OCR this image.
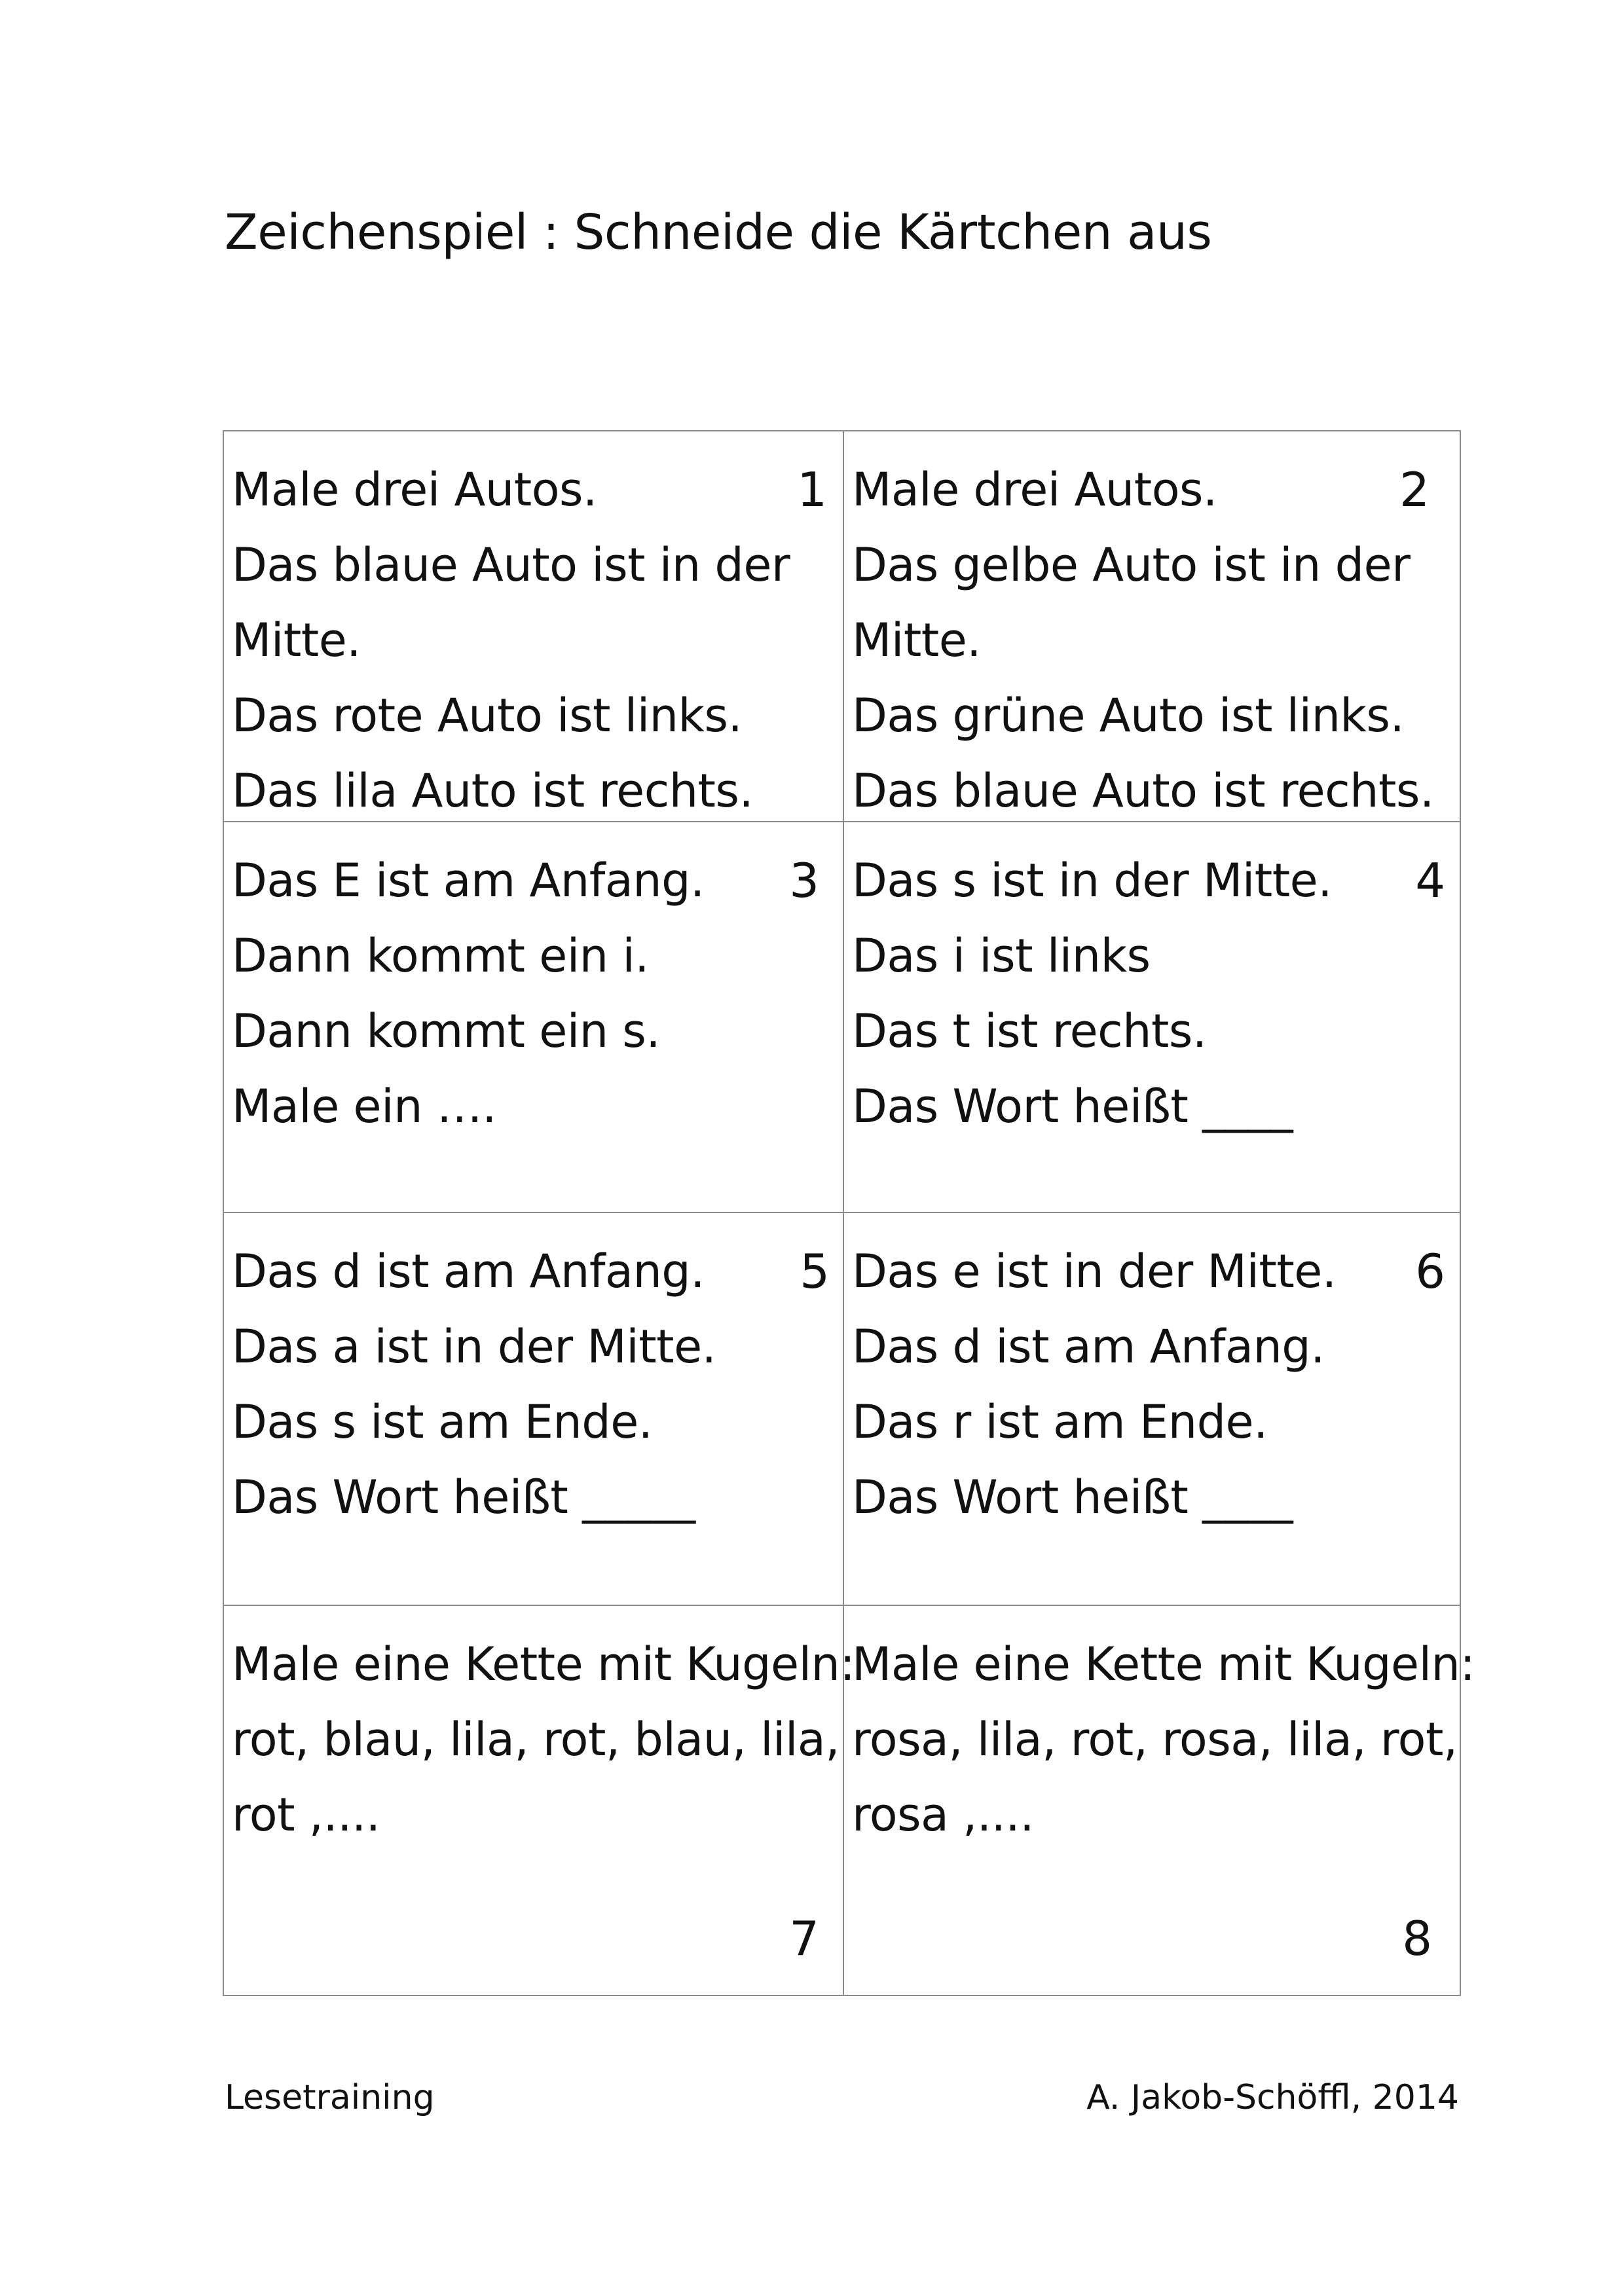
Zeichenspiel : Schneide die Kärtchen aus
Male drei Autos.
Das blaue Auto ist in der
Mitte.
Das rote Auto ist links.
Das lila Auto ist rechts.
1 Male drei Autos.
Das gelbe Auto ist in der
Mitte.
Das grüne Auto ist links.
Das blaue Auto ist rechts.
2
Das E ist am Anfang.
Dann kommt ein i.
Dann kommt ein s.
Male ein ….
3 Das s ist in der Mitte.
Das i ist links
Das t ist rechts.
Das Wort heißt ____
4
Das d ist am Anfang.
Das a ist in der Mitte.
Das s ist am Ende.
Das Wort heißt _____
5 Das e ist in der Mitte.
Das d ist am Anfang.
Das r ist am Ende.
Das Wort heißt ____
6
Male eine Kette mit Kugeln:
rot, blau, lila, rot, blau, lila,
rot ,....
7
Male eine Kette mit Kugeln:
rosa, lila, rot, rosa, lila, rot,
rosa ,....
8
Lesetraining	A. Jakob-Schöffl, 2014
